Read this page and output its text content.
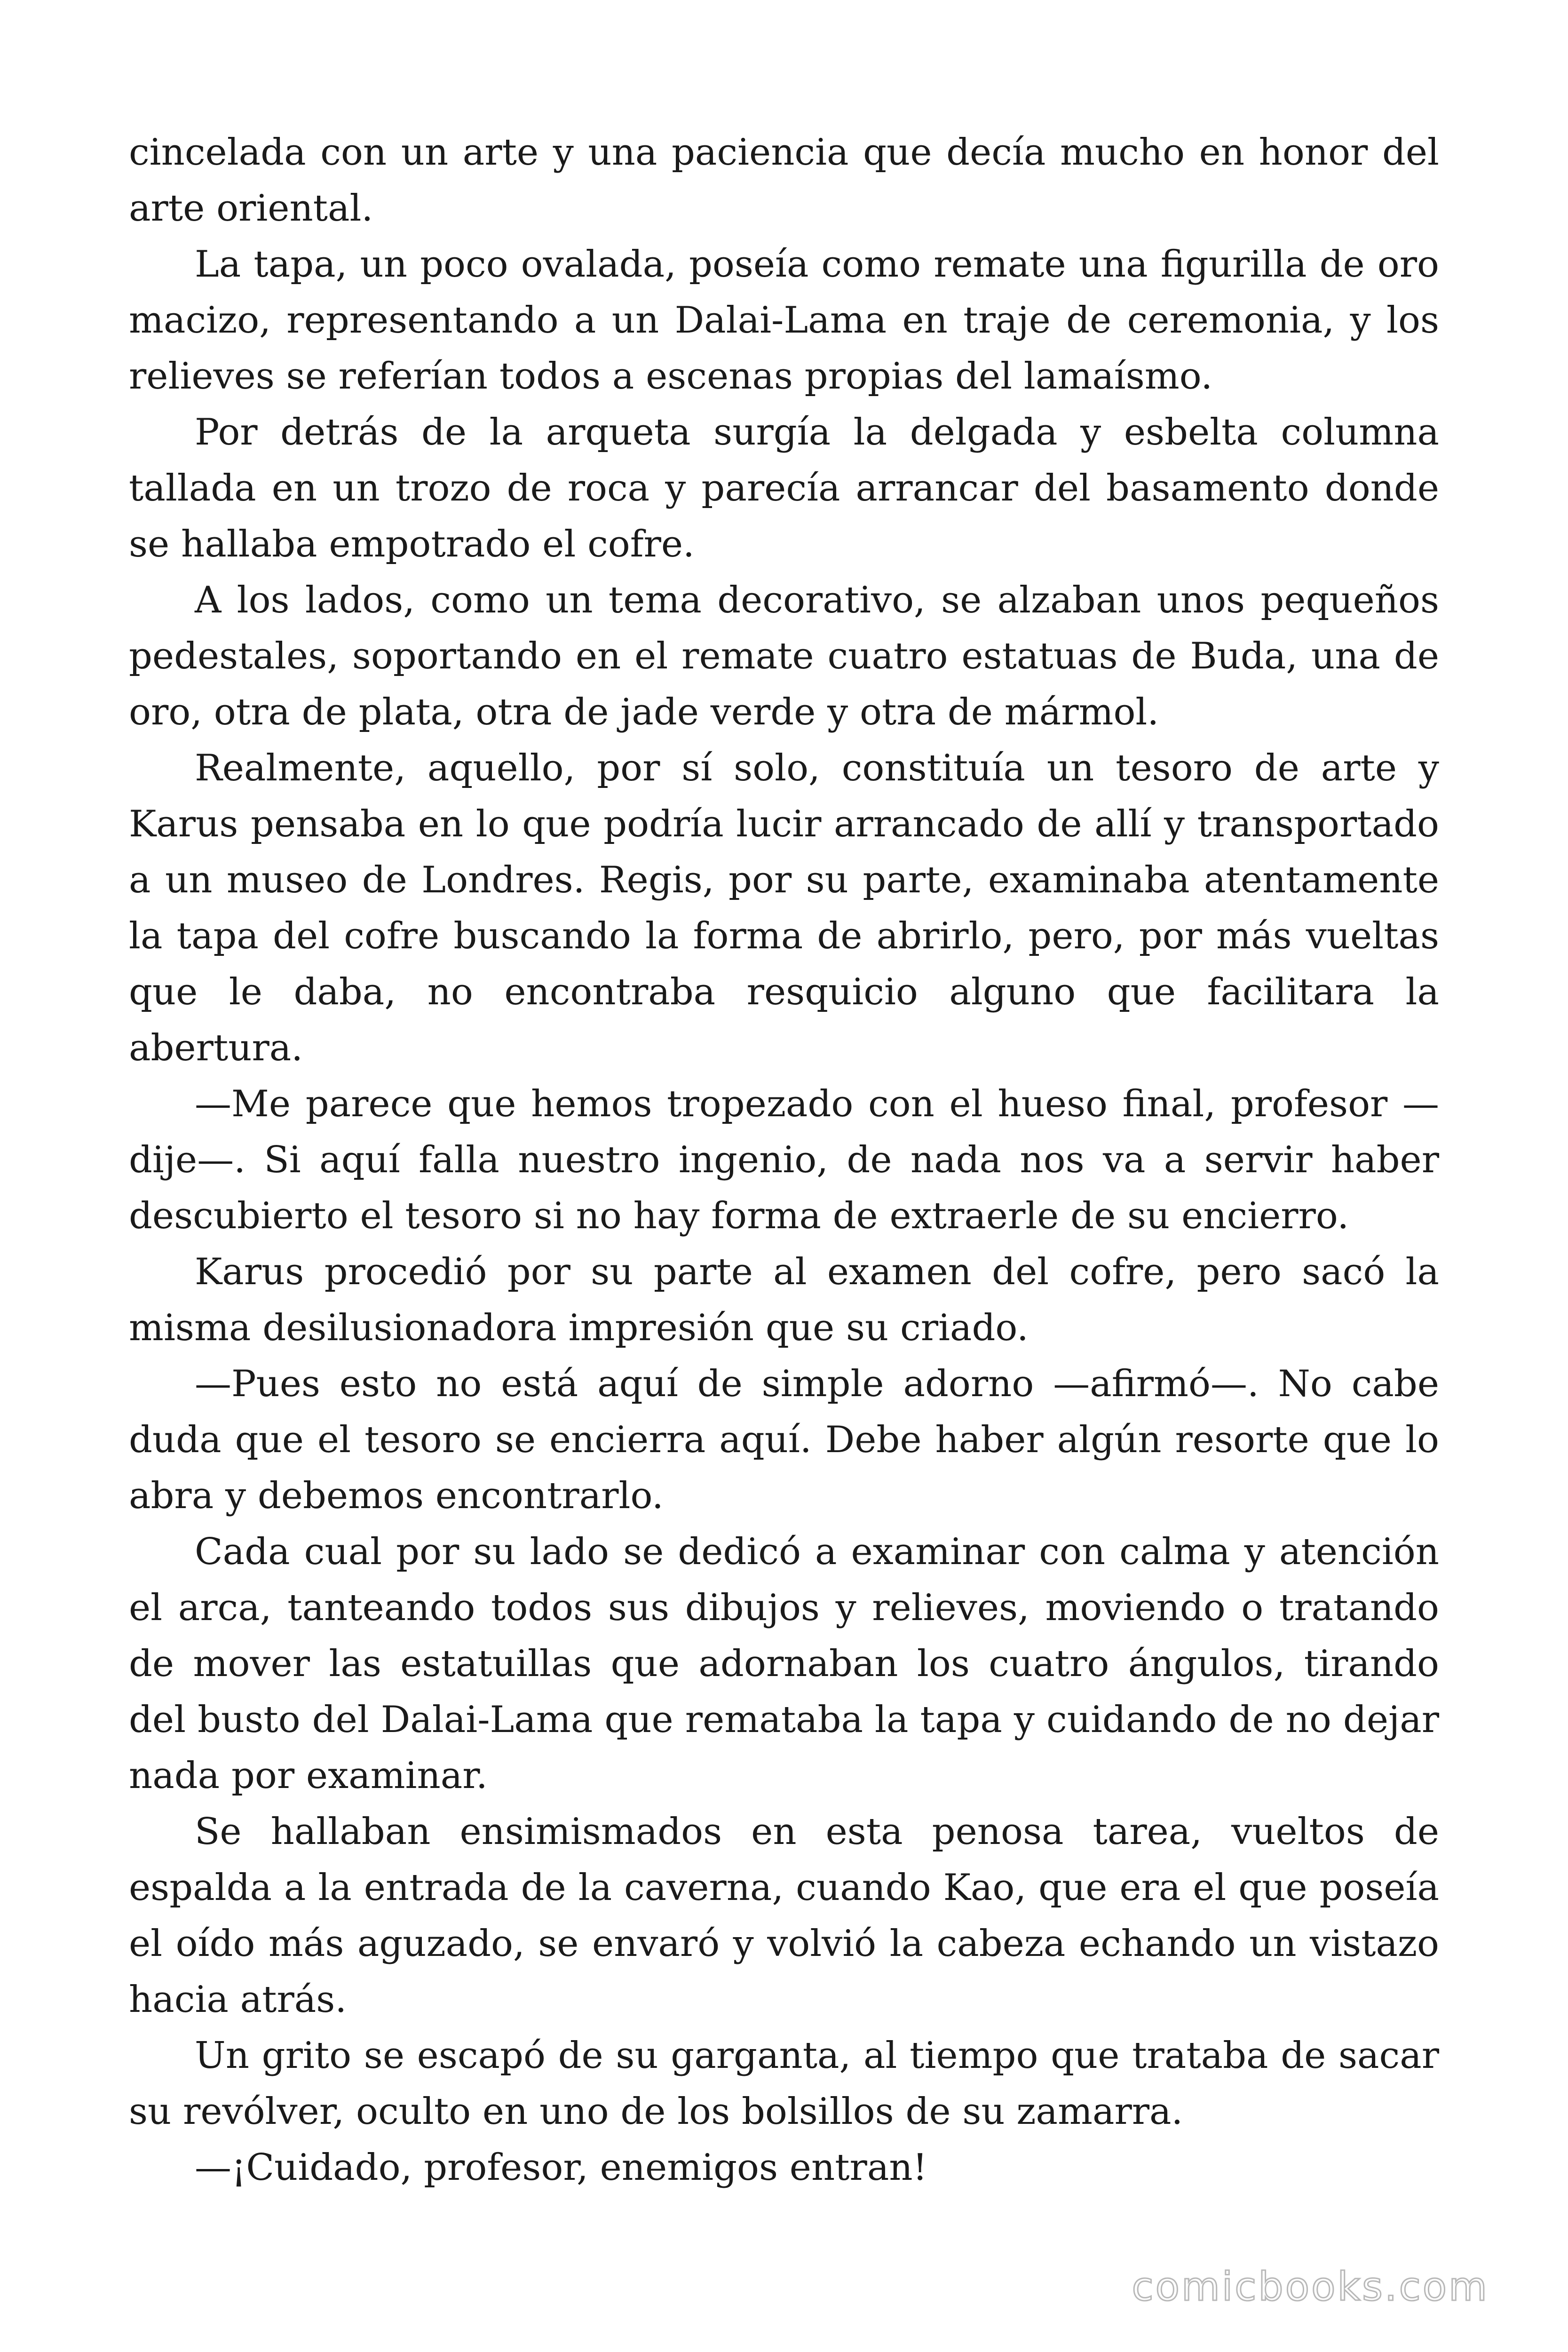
cincelada con un arte y una paciencia que decía mucho en honor del arte oriental.

La tapa, un poco ovalada, poseía como remate una figurilla de oro macizo, representando a un Dalai-Lama en traje de ceremonia, y los relieves se referían todos a escenas propias del lamaísmo.

Por detrás de la arqueta surgía la delgada y esbelta columna tallada en un trozo de roca y parecía arrancar del basamento donde se hallaba empotrado el cofre.

A los lados, como un tema decorativo, se alzaban unos pequeños pedestales, soportando en el remate cuatro estatuas de Buda, una de oro, otra de plata, otra de jade verde y otra de mármol.

Realmente, aquello, por sí solo, constituía un tesoro de arte y Karus pensaba en lo que podría lucir arrancado de allí y transportado a un museo de Londres. Regis, por su parte, examinaba atentamente la tapa del cofre buscando la forma de abrirlo, pero, por más vueltas que le daba, no encontraba resquicio alguno que facilitara la abertura.

—Me parece que hemos tropezado con el hueso final, profesor —dije—. Si aquí falla nuestro ingenio, de nada nos va a servir haber descubierto el tesoro si no hay forma de extraerle de su encierro.

Karus procedió por su parte al examen del cofre, pero sacó la misma desilusionadora impresión que su criado.

—Pues esto no está aquí de simple adorno —afirmó—. No cabe duda que el tesoro se encierra aquí. Debe haber algún resorte que lo abra y debemos encontrarlo.

Cada cual por su lado se dedicó a examinar con calma y atención el arca, tanteando todos sus dibujos y relieves, moviendo o tratando de mover las estatuillas que adornaban los cuatro ángulos, tirando del busto del Dalai-Lama que remataba la tapa y cuidando de no dejar nada por examinar.

Se hallaban ensimismados en esta penosa tarea, vueltos de espalda a la entrada de la caverna, cuando Kao, que era el que poseía el oído más aguzado, se envaró y volvió la cabeza echando un vistazo hacia atrás.

Un grito se escapó de su garganta, al tiempo que trataba de sacar su revólver, oculto en uno de los bolsillos de su zamarra.

—¡Cuidado, profesor, enemigos entran!

comicbooks.com
